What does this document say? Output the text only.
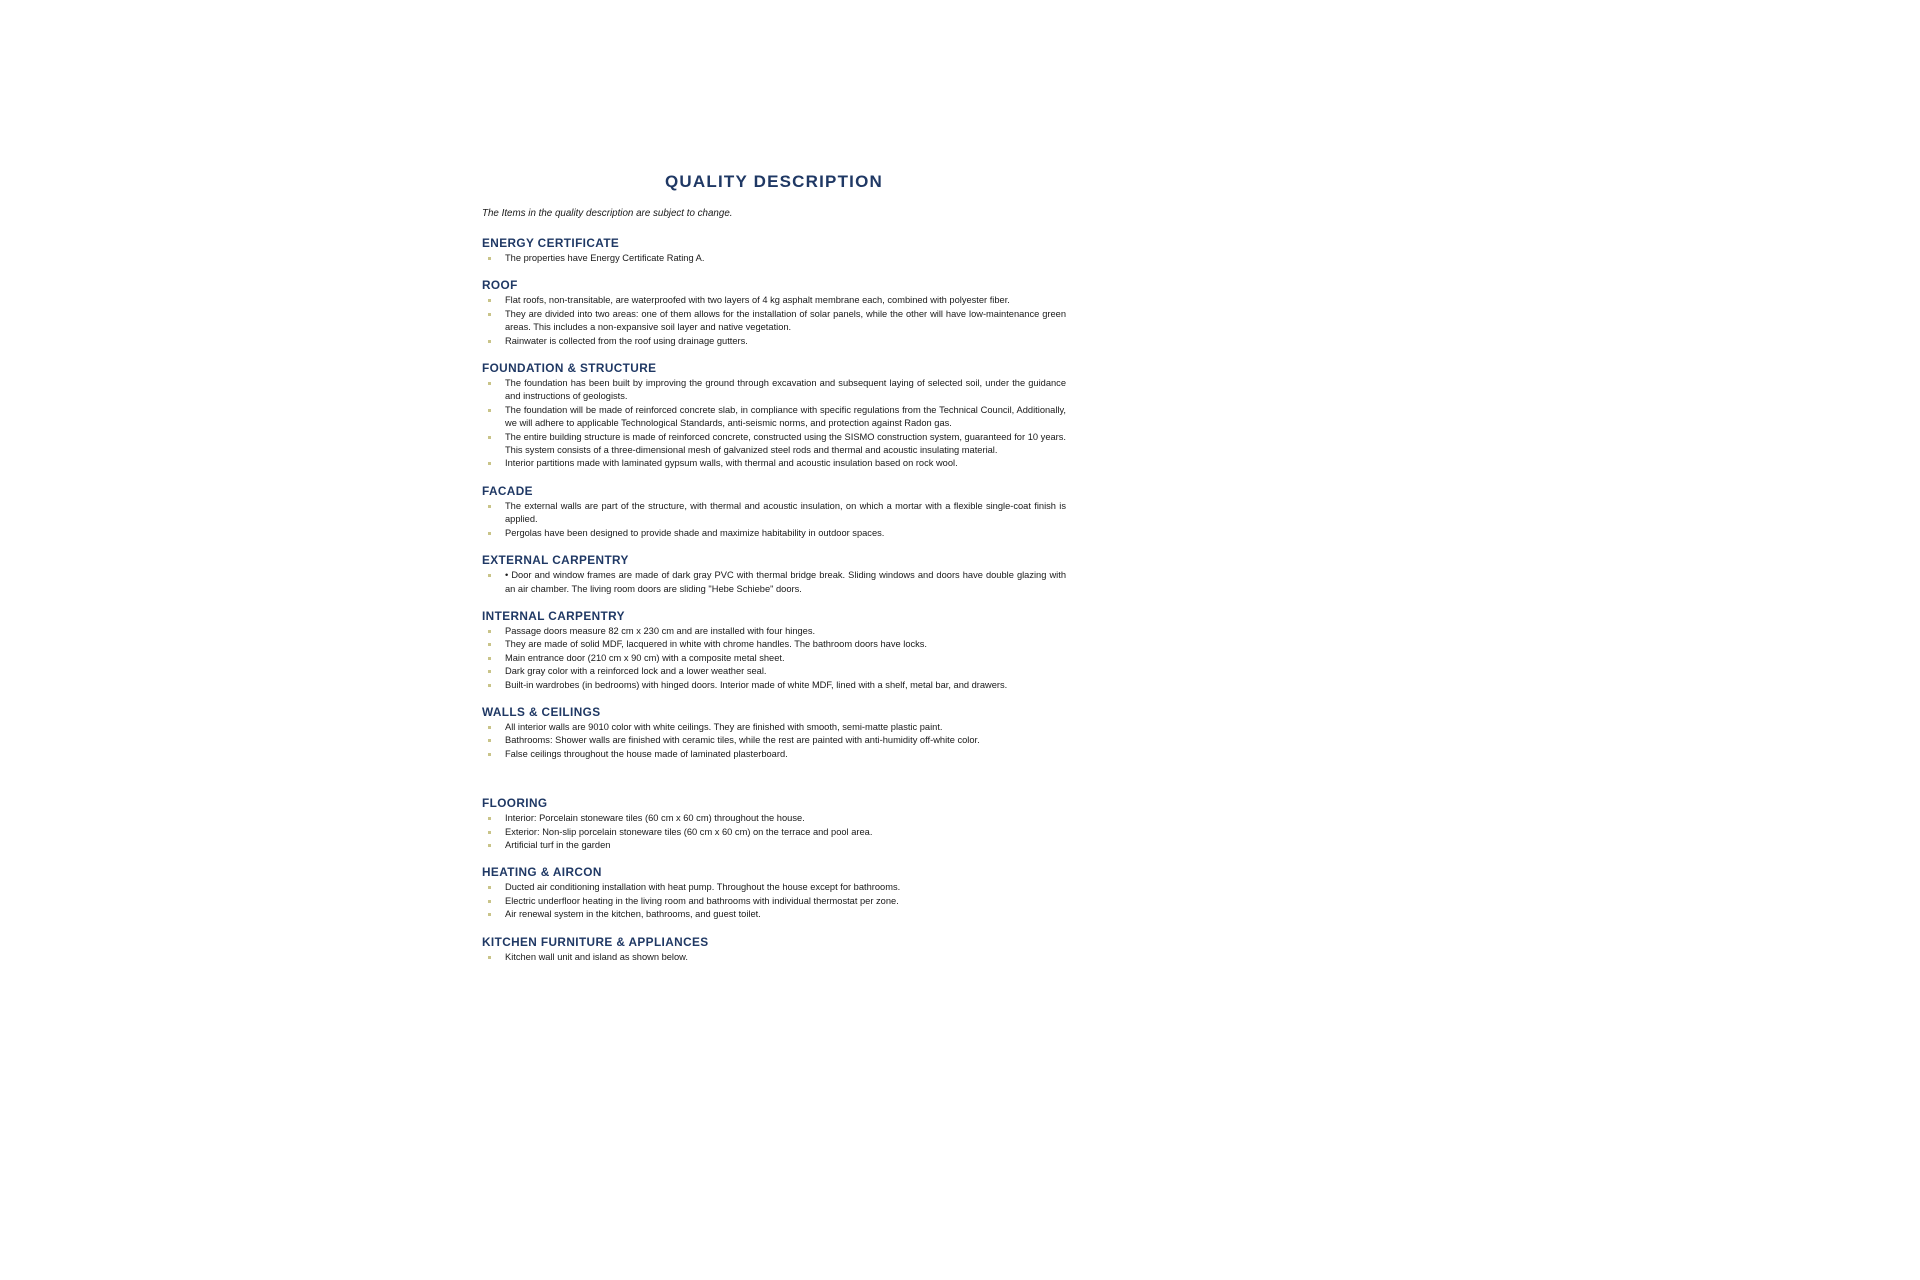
QUALITY DESCRIPTION

The Items in the quality description are subject to change.

ENERGY CERTIFICATE
The properties have Energy Certificate Rating A.
ROOF
Flat roofs, non-transitable, are waterproofed with two layers of 4 kg asphalt membrane each, combined with polyester fiber.
They are divided into two areas: one of them allows for the installation of solar panels, while the other will have low-maintenance green areas. This includes a non-expansive soil layer and native vegetation.
Rainwater is collected from the roof using drainage gutters.
FOUNDATION & STRUCTURE
The foundation has been built by improving the ground through excavation and subsequent laying of selected soil, under the guidance and instructions of geologists.
The foundation will be made of reinforced concrete slab, in compliance with specific regulations from the Technical Council, Additionally, we will adhere to applicable Technological Standards, anti-seismic norms, and protection against Radon gas.
The entire building structure is made of reinforced concrete, constructed using the SISMO construction system, guaranteed for 10 years. This system consists of a three-dimensional mesh of galvanized steel rods and thermal and acoustic insulating material.
Interior partitions made with laminated gypsum walls, with thermal and acoustic insulation based on rock wool.
FACADE
The external walls are part of the structure, with thermal and acoustic insulation, on which a mortar with a flexible single-coat finish is applied.
Pergolas have been designed to provide shade and maximize habitability in outdoor spaces.
EXTERNAL CARPENTRY
• Door and window frames are made of dark gray PVC with thermal bridge break. Sliding windows and doors have double glazing with an air chamber. The living room doors are sliding "Hebe Schiebe" doors.
INTERNAL CARPENTRY
Passage doors measure 82 cm x 230 cm and are installed with four hinges.
They are made of solid MDF, lacquered in white with chrome handles. The bathroom doors have locks.
Main entrance door (210 cm x 90 cm) with a composite metal sheet.
Dark gray color with a reinforced lock and a lower weather seal.
Built-in wardrobes (in bedrooms) with hinged doors. Interior made of white MDF, lined with a shelf, metal bar, and drawers.
WALLS & CEILINGS
All interior walls are 9010 color with white ceilings. They are finished with smooth, semi-matte plastic paint.
Bathrooms: Shower walls are finished with ceramic tiles, while the rest are painted with anti-humidity off-white color.
False ceilings throughout the house made of laminated plasterboard.
FLOORING
Interior: Porcelain stoneware tiles (60 cm x 60 cm) throughout the house.
Exterior: Non-slip porcelain stoneware tiles (60 cm x 60 cm) on the terrace and pool area.
Artificial turf in the garden
HEATING & AIRCON
Ducted air conditioning installation with heat pump. Throughout the house except for bathrooms.
Electric underfloor heating in the living room and bathrooms with individual thermostat per zone.
Air renewal system in the kitchen, bathrooms, and guest toilet.
KITCHEN FURNITURE & APPLIANCES
Kitchen wall unit and island as shown below.
